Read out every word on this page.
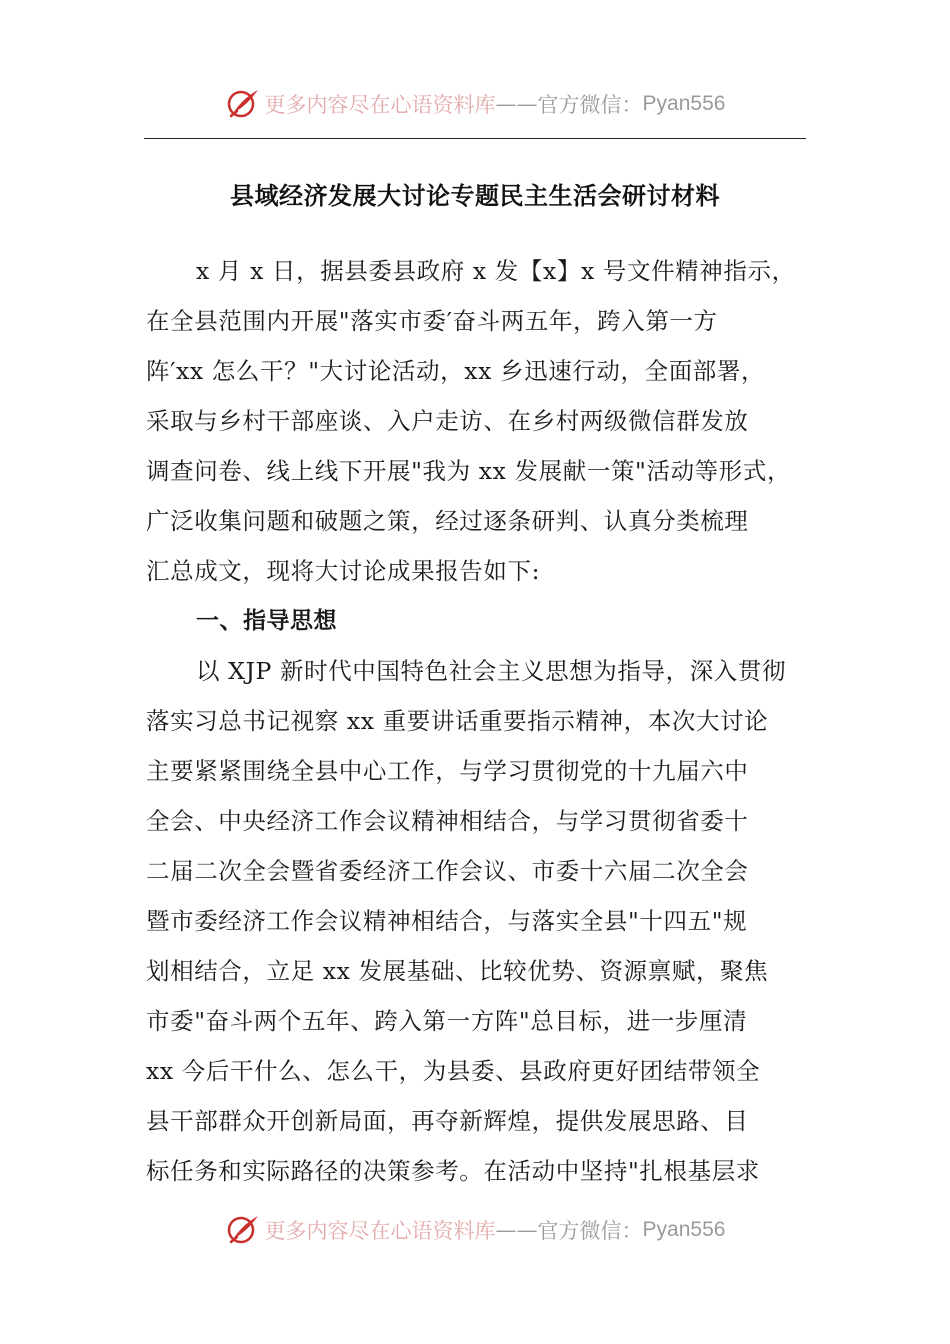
更多内容尽在心语资料库 —— 官方微信： Pyan556
县域经济发展大讨论专题民主生活会研讨材料
x 月 x 日，据县委县政府 x 发【x】x 号文件精神指示，
在全县范围内开展"落实市委′奋斗两五年，跨入第一方
阵′xx 怎么干？"大讨论活动，xx 乡迅速行动，全面部署，
采取与乡村干部座谈、入户走访、在乡村两级微信群发放
调查问卷、线上线下开展"我为 xx 发展献一策"活动等形式，
广泛收集问题和破题之策，经过逐条研判、认真分类梳理
汇总成文，现将大讨论成果报告如下:
一、指导思想
以 XJP 新时代中国特色社会主义思想为指导，深入贯彻
落实习总书记视察 xx 重要讲话重要指示精神，本次大讨论
主要紧紧围绕全县中心工作，与学习贯彻党的十九届六中
全会、中央经济工作会议精神相结合，与学习贯彻省委十
二届二次全会暨省委经济工作会议、市委十六届二次全会
暨市委经济工作会议精神相结合，与落实全县"十四五"规
划相结合，立足 xx 发展基础、比较优势、资源禀赋，聚焦
市委"奋斗两个五年、跨入第一方阵"总目标，进一步厘清
xx 今后干什么、怎么干，为县委、县政府更好团结带领全
县干部群众开创新局面，再夺新辉煌，提供发展思路、目
标任务和实际路径的决策参考。在活动中坚持"扎根基层求
更多内容尽在心语资料库 —— 官方微信： Pyan556
